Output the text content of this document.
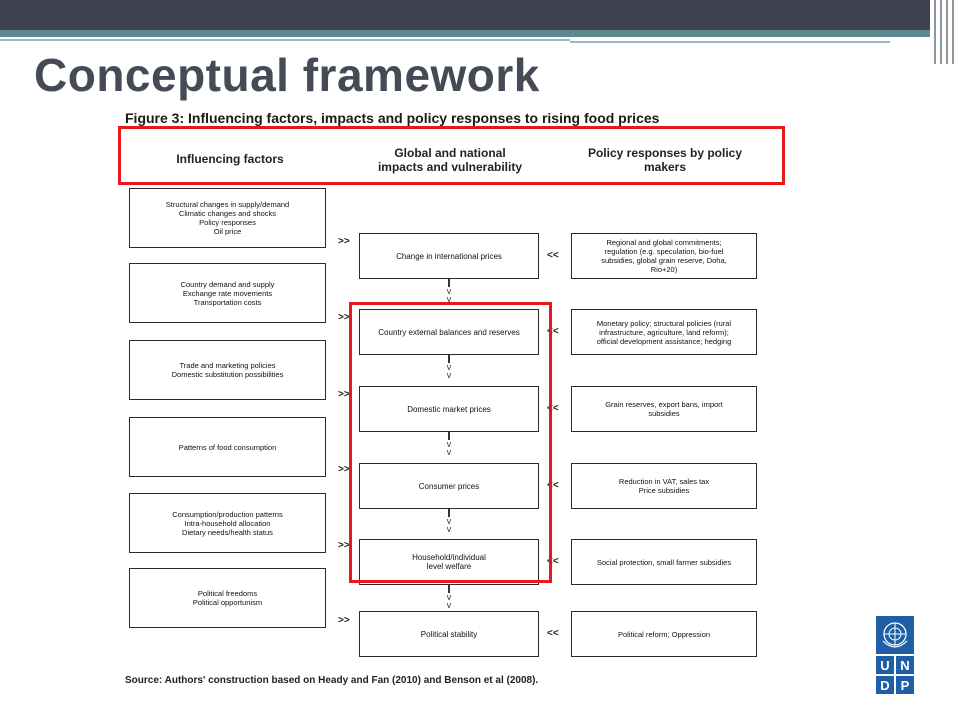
Conceptual framework
Figure 3: Influencing factors, impacts and policy responses to rising food prices
Influencing factors	Global and national
impacts and vulnerability
Policy responses by policy
makers
Structural changes in supply/demand
Climatic changes and shocks
Policy responses
Oil price
Country demand and supply
Exchange rate movements
Transportation costs
Trade and marketing policies
Domestic substitution possibilities
Patterns of food consumption
Consumption/production patterns
Intra-household allocation
Dietary needs/health status
Political freedoms
Political opportunism
>>
>>
>>
>>
>>
>>
Change in international prices
Country external balances and reserves
Domestic market prices
Consumer prices
Household/individual
level welfare
Political stability
v
v
v
v
v
v
v
v
v
v
<<
<<
<<
<<
<<
<<
Regional and global commitments;
regulation (e.g. speculation, bio-fuel
subsidies, global grain reserve, Doha,
Rio+20)
Monetary policy; structural policies (rural
infrastructure, agriculture, land reform);
official development assistance; hedging
Grain reserves, export bans, import
subsidies
Reduction in VAT, sales tax
Price subsidies
Social protection, small farmer subsidies
Political reform; Oppression
Source: Authors' construction based on Heady and Fan (2010) and Benson et al (2008).
U N
D P
